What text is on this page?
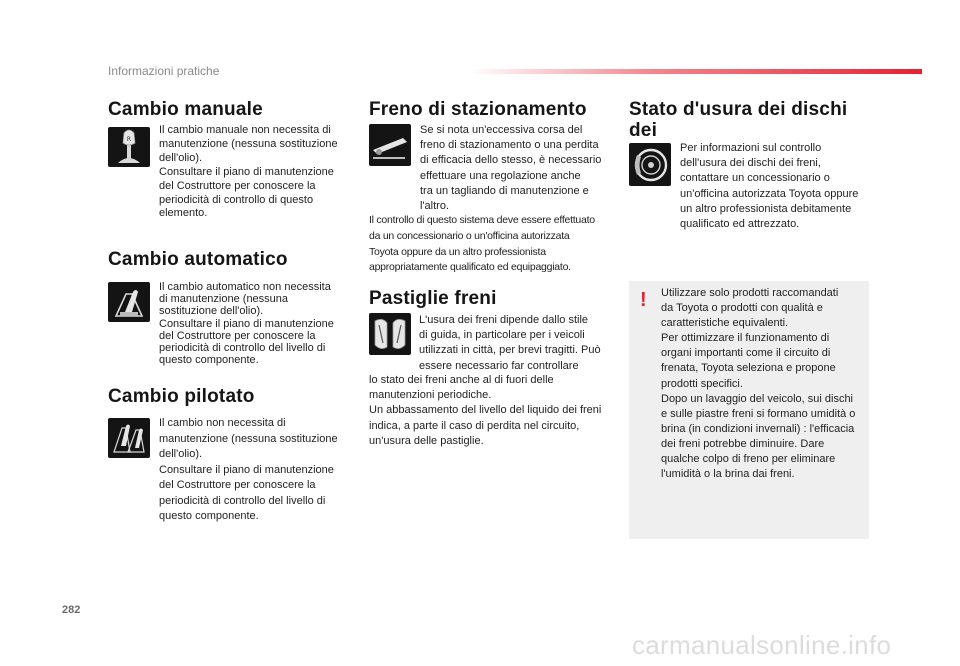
Informazioni pratiche
Cambio manuale
R
Il cambio manuale non necessita di
manutenzione (nessuna sostituzione
dell'olio).
Consultare il piano di manutenzione
del Costruttore per conoscere la
periodicità di controllo di questo
elemento.
Cambio automatico
Il cambio automatico non necessita
di manutenzione (nessuna
sostituzione dell'olio).
Consultare il piano di manutenzione
del Costruttore per conoscere la
periodicità di controllo del livello di
questo componente.
Cambio pilotato
Il cambio non necessita di
manutenzione (nessuna sostituzione
dell'olio).
Consultare il piano di manutenzione
del Costruttore per conoscere la
periodicità di controllo del livello di
questo componente.
Freno di stazionamento
Se si nota un'eccessiva corsa del
freno di stazionamento o una perdita
di efficacia dello stesso, è necessario
effettuare una regolazione anche
tra un tagliando di manutenzione e
l'altro.
Il controllo di questo sistema deve essere effettuato
da un concessionario o un'officina autorizzata
Toyota oppure da un altro professionista
appropriatamente qualificato ed equipaggiato.
Pastiglie freni
L'usura dei freni dipende dallo stile
di guida, in particolare per i veicoli
utilizzati in città, per brevi tragitti. Può
essere necessario far controllare
lo stato dei freni anche al di fuori delle
manutenzioni periodiche.
Un abbassamento del livello del liquido dei freni
indica, a parte il caso di perdita nel circuito,
un'usura delle pastiglie.
Stato d'usura dei dischi dei

Per informazioni sul controllo
dell'usura dei dischi dei freni,
contattare un concessionario o
un'officina autorizzata Toyota oppure
un altro professionista debitamente
qualificato ed attrezzato.
! Utilizzare solo prodotti raccomandati
da Toyota o prodotti con qualità e
caratteristiche equivalenti.
Per ottimizzare il funzionamento di
organi importanti come il circuito di
frenata, Toyota seleziona e propone
prodotti specifici.
Dopo un lavaggio del veicolo, sui dischi
e sulle piastre freni si formano umidità o
brina (in condizioni invernali) : l'efficacia
dei freni potrebbe diminuire. Dare
qualche colpo di freno per eliminare
l'umidità o la brina dai freni.
282
carmanualsonline.info
